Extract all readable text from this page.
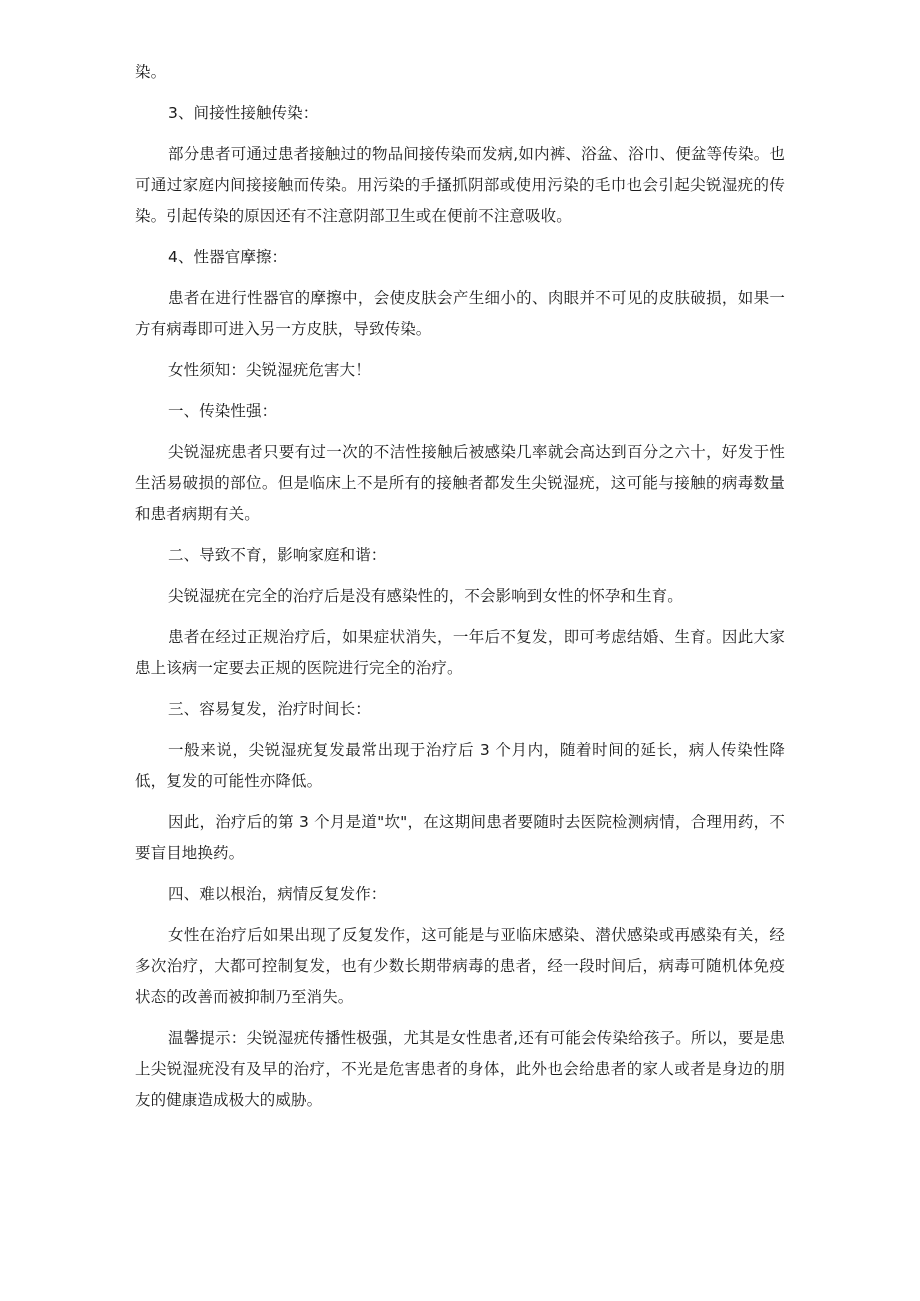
染。

3、间接性接触传染：

部分患者可通过患者接触过的物品间接传染而发病,如内裤、浴盆、浴巾、便盆等传染。也可通过家庭内间接接触而传染。用污染的手搔抓阴部或使用污染的毛巾也会引起尖锐湿疣的传染。引起传染的原因还有不注意阴部卫生或在便前不注意吸收。

4、性器官摩擦：

患者在进行性器官的摩擦中，会使皮肤会产生细小的、肉眼并不可见的皮肤破损，如果一方有病毒即可进入另一方皮肤，导致传染。

女性须知：尖锐湿疣危害大！

一、传染性强：

尖锐湿疣患者只要有过一次的不洁性接触后被感染几率就会高达到百分之六十，好发于性生活易破损的部位。但是临床上不是所有的接触者都发生尖锐湿疣，这可能与接触的病毒数量和患者病期有关。

二、导致不育，影响家庭和谐：

尖锐湿疣在完全的治疗后是没有感染性的，不会影响到女性的怀孕和生育。

患者在经过正规治疗后，如果症状消失，一年后不复发，即可考虑结婚、生育。因此大家患上该病一定要去正规的医院进行完全的治疗。

三、容易复发，治疗时间长：

一般来说，尖锐湿疣复发最常出现于治疗后 3 个月内，随着时间的延长，病人传染性降低，复发的可能性亦降低。

因此，治疗后的第 3 个月是道"坎"，在这期间患者要随时去医院检测病情，合理用药，不要盲目地换药。

四、难以根治，病情反复发作：

女性在治疗后如果出现了反复发作，这可能是与亚临床感染、潜伏感染或再感染有关，经多次治疗，大都可控制复发，也有少数长期带病毒的患者，经一段时间后，病毒可随机体免疫状态的改善而被抑制乃至消失。

温馨提示：尖锐湿疣传播性极强，尤其是女性患者,还有可能会传染给孩子。所以，要是患上尖锐湿疣没有及早的治疗，不光是危害患者的身体，此外也会给患者的家人或者是身边的朋友的健康造成极大的威胁。
